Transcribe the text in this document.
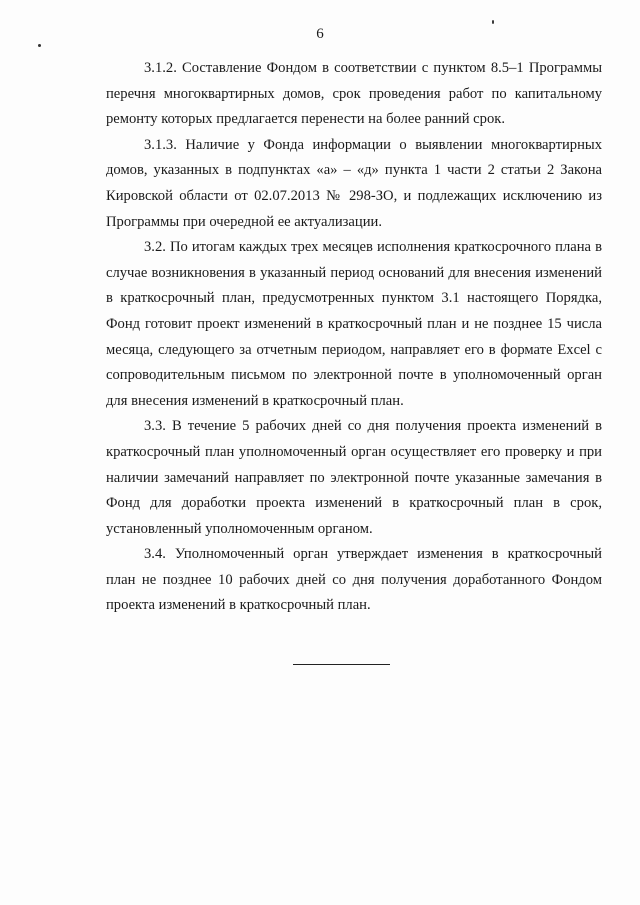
6

3.1.2. Составление Фондом в соответствии с пунктом 8.5–1 Программы перечня многоквартирных домов, срок проведения работ по капитальному ремонту которых предлагается перенести на более ранний срок.

3.1.3. Наличие у Фонда информации о выявлении многоквартирных домов, указанных в подпунктах «а» – «д» пункта 1 части 2 статьи 2 Закона Кировской области от 02.07.2013 № 298-ЗО, и подлежащих исключению из Программы при очередной ее актуализации.

3.2. По итогам каждых трех месяцев исполнения краткосрочного плана в случае возникновения в указанный период оснований для внесения изменений в краткосрочный план, предусмотренных пунктом 3.1 настоящего Порядка, Фонд готовит проект изменений в краткосрочный план и не позднее 15 числа месяца, следующего за отчетным периодом, направляет его в формате Excel с сопроводительным письмом по электронной почте в уполномоченный орган для внесения изменений в краткосрочный план.

3.3. В течение 5 рабочих дней со дня получения проекта изменений в краткосрочный план уполномоченный орган осуществляет его проверку и при наличии замечаний направляет по электронной почте указанные замечания в Фонд для доработки проекта изменений в краткосрочный план в срок, установленный уполномоченным органом.

3.4. Уполномоченный орган утверждает изменения в краткосрочный план не позднее 10 рабочих дней со дня получения доработанного Фондом проекта изменений в краткосрочный план.
